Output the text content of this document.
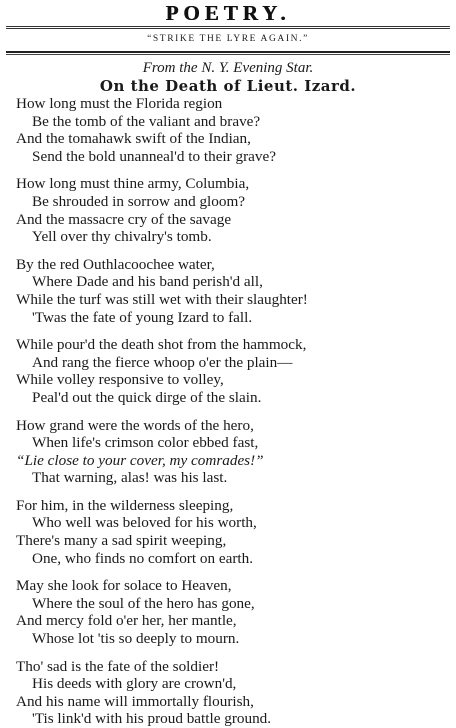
POETRY.
“STRIKE THE LYRE AGAIN.”
From the N. Y. Evening Star.
On the Death of Lieut. Izard.
How long must the Florida region
Be the tomb of the valiant and brave?
And the tomahawk swift of the Indian,
Send the bold unanneal'd to their grave?
How long must thine army, Columbia,
Be shrouded in sorrow and gloom?
And the massacre cry of the savage
Yell over thy chivalry's tomb.
By the red Outhlacoochee water,
Where Dade and his band perish'd all,
While the turf was still wet with their slaughter!
'Twas the fate of young Izard to fall.
While pour'd the death shot from the hammock,
And rang the fierce whoop o'er the plain—
While volley responsive to volley,
Peal'd out the quick dirge of the slain.
How grand were the words of the hero,
When life's crimson color ebbed fast,
“Lie close to your cover, my comrades!”
That warning, alas! was his last.
For him, in the wilderness sleeping,
Who well was beloved for his worth,
There's many a sad spirit weeping,
One, who finds no comfort on earth.
May she look for solace to Heaven,
Where the soul of the hero has gone,
And mercy fold o'er her, her mantle,
Whose lot 'tis so deeply to mourn.
Tho' sad is the fate of the soldier!
His deeds with glory are crown'd,
And his name will immortally flourish,
'Tis link'd with his proud battle ground.
